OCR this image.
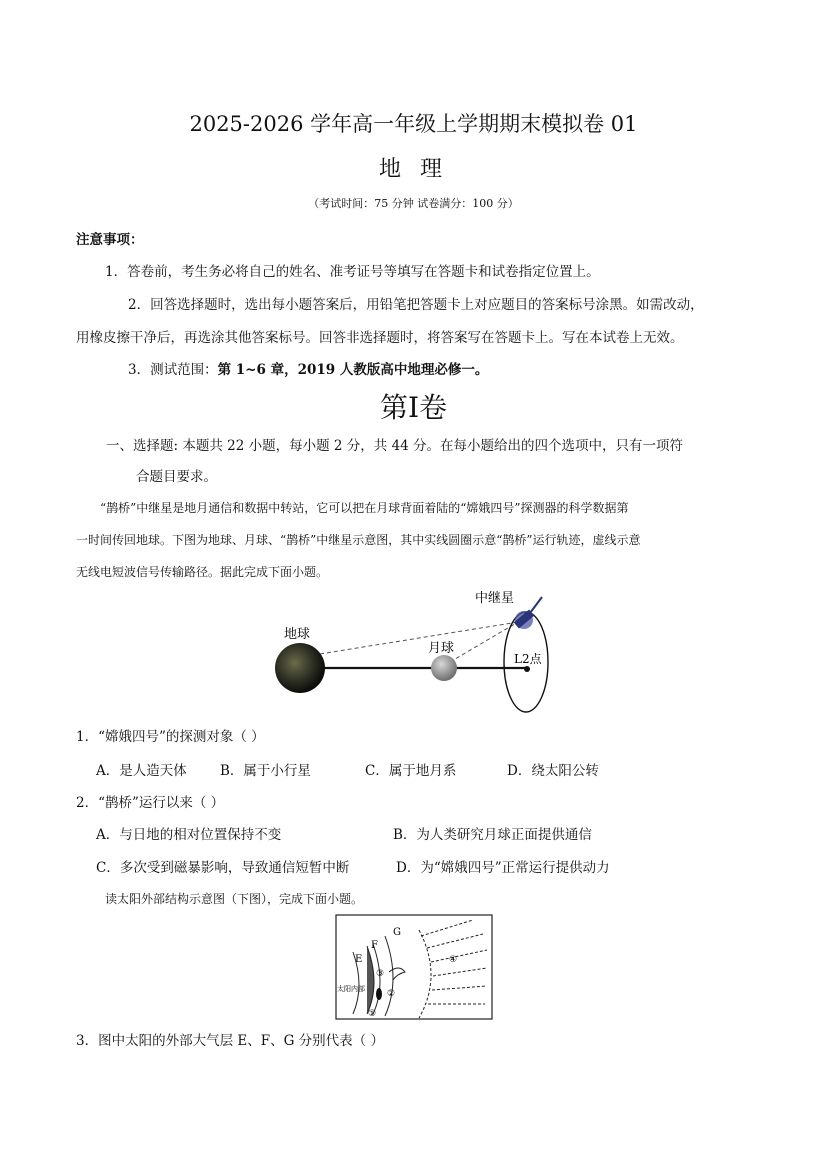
2025-2026 学年高一年级上学期期末模拟卷 01
地 理
（考试时间：75 分钟 试卷满分：100 分）
注意事项：
1．答卷前，考生务必将自己的姓名、准考证号等填写在答题卡和试卷指定位置上。
2．回答选择题时，选出每小题答案后，用铅笔把答题卡上对应题目的答案标号涂黑。如需改动，
用橡皮擦干净后，再选涂其他答案标号。回答非选择题时，将答案写在答题卡上。写在本试卷上无效。
3．测试范围：第 1~6 章，2019 人教版高中地理必修一。
第I卷
一、选择题: 本题共 22 小题，每小题 2 分，共 44 分。在每小题给出的四个选项中，只有一项符
合题目要求。
“鹊桥”中继星是地月通信和数据中转站，它可以把在月球背面着陆的“嫦娥四号”探测器的科学数据第
一时间传回地球。下图为地球、月球、“鹊桥”中继星示意图，其中实线圆圈示意“鹊桥”运行轨迹，虚线示意
无线电短波信号传输路径。据此完成下面小题。
地球
月球
中继星
L2点
1．“嫦娥四号”的探测对象（ ）
A．是人造天体 B．属于小行星	C．属于地月系	D．绕太阳公转
2．“鹊桥”运行以来（ ）
A．与日地的相对位置保持不变	B．为人类研究月球正面提供通信
C．多次受到磁暴影响，导致通信短暂中断	D．为“嫦娥四号”正常运行提供动力
读太阳外部结构示意图（下图），完成下面小题。
G
F
E
太阳内部
③
②
④
①
3．图中太阳的外部大气层 E、F、G 分别代表（ ）
